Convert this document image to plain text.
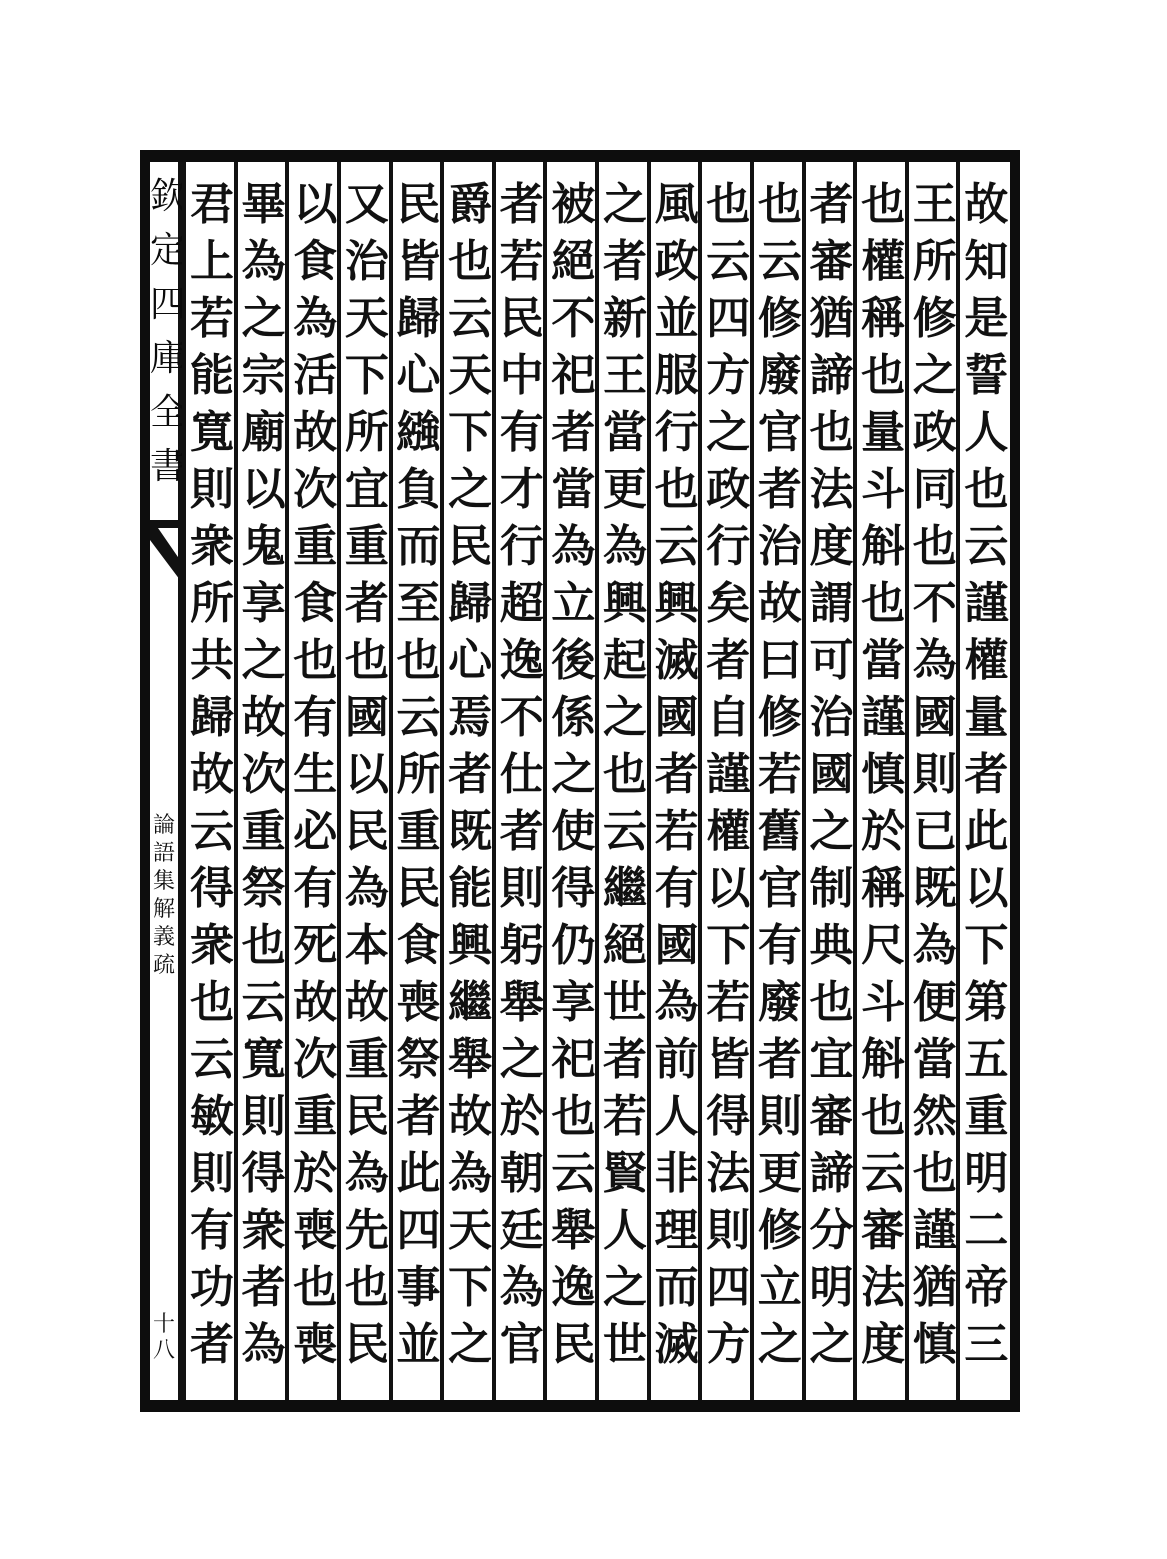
欽
定
四
庫
全
書
論
語
集
解
義
疏
十
八
故
知
是
誓
人
也
云
謹
權
量
者
此
以
下
第
五
重
明
二
帝
三
王
所
修
之
政
同
也
不
為
國
則
已
既
為
便
當
然
也
謹
猶
慎
也
權
稱
也
量
斗
斛
也
當
謹
慎
於
稱
尺
斗
斛
也
云
審
法
度
者
審
猶
諦
也
法
度
謂
可
治
國
之
制
典
也
宜
審
諦
分
明
之
也
云
修
廢
官
者
治
故
曰
修
若
舊
官
有
廢
者
則
更
修
立
之
也
云
四
方
之
政
行
矣
者
自
謹
權
以
下
若
皆
得
法
則
四
方
風
政
並
服
行
也
云
興
滅
國
者
若
有
國
為
前
人
非
理
而
滅
之
者
新
王
當
更
為
興
起
之
也
云
繼
絕
世
者
若
賢
人
之
世
被
絕
不
祀
者
當
為
立
後
係
之
使
得
仍
享
祀
也
云
舉
逸
民
者
若
民
中
有
才
行
超
逸
不
仕
者
則
躬
舉
之
於
朝
廷
為
官
爵
也
云
天
下
之
民
歸
心
焉
者
既
能
興
繼
舉
故
為
天
下
之
民
皆
歸
心
繈
負
而
至
也
云
所
重
民
食
喪
祭
者
此
四
事
並
又
治
天
下
所
宜
重
者
也
國
以
民
為
本
故
重
民
為
先
也
民
以
食
為
活
故
次
重
食
也
有
生
必
有
死
故
次
重
於
喪
也
喪
畢
為
之
宗
廟
以
鬼
享
之
故
次
重
祭
也
云
寬
則
得
衆
者
為
君
上
若
能
寬
則
衆
所
共
歸
故
云
得
衆
也
云
敏
則
有
功
者
